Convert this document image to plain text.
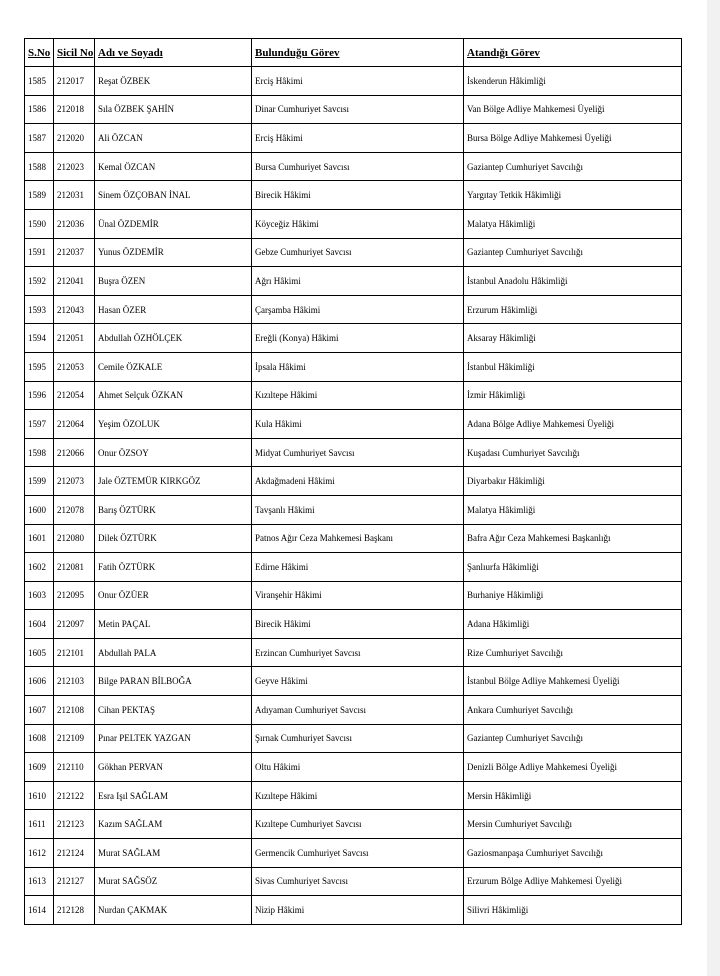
S.No	Sicil No	Adı ve Soyadı	Bulunduğu Görev	Atandığı Görev
1585	212017	Reşat ÖZBEK	Erciş Hâkimi	İskenderun Hâkimliği
1586	212018	Sıla ÖZBEK ŞAHİN	Dinar Cumhuriyet Savcısı	Van Bölge Adliye Mahkemesi Üyeliği
1587	212020	Ali ÖZCAN	Erciş Hâkimi	Bursa Bölge Adliye Mahkemesi Üyeliği
1588	212023	Kemal ÖZCAN	Bursa Cumhuriyet Savcısı	Gaziantep Cumhuriyet Savcılığı
1589	212031	Sinem ÖZÇOBAN İNAL	Birecik Hâkimi	Yargıtay Tetkik Hâkimliği
1590	212036	Ünal ÖZDEMİR	Köyceğiz Hâkimi	Malatya Hâkimliği
1591	212037	Yunus ÖZDEMİR	Gebze Cumhuriyet Savcısı	Gaziantep Cumhuriyet Savcılığı
1592	212041	Buşra ÖZEN	Ağrı Hâkimi	İstanbul Anadolu Hâkimliği
1593	212043	Hasan ÖZER	Çarşamba Hâkimi	Erzurum Hâkimliği
1594	212051	Abdullah ÖZHÖLÇEK	Ereğli (Konya) Hâkimi	Aksaray Hâkimliği
1595	212053	Cemile ÖZKALE	İpsala Hâkimi	İstanbul Hâkimliği
1596	212054	Ahmet Selçuk ÖZKAN	Kızıltepe Hâkimi	İzmir Hâkimliği
1597	212064	Yeşim ÖZOLUK	Kula Hâkimi	Adana Bölge Adliye Mahkemesi Üyeliği
1598	212066	Onur ÖZSOY	Midyat Cumhuriyet Savcısı	Kuşadası Cumhuriyet Savcılığı
1599	212073	Jale ÖZTEMÜR KIRKGÖZ	Akdağmadeni Hâkimi	Diyarbakır Hâkimliği
1600	212078	Barış ÖZTÜRK	Tavşanlı Hâkimi	Malatya Hâkimliği
1601	212080	Dilek ÖZTÜRK	Patnos Ağır Ceza Mahkemesi Başkanı	Bafra Ağır Ceza Mahkemesi Başkanlığı
1602	212081	Fatih ÖZTÜRK	Edirne Hâkimi	Şanlıurfa Hâkimliği
1603	212095	Onur ÖZÜER	Viranşehir Hâkimi	Burhaniye Hâkimliği
1604	212097	Metin PAÇAL	Birecik Hâkimi	Adana Hâkimliği
1605	212101	Abdullah PALA	Erzincan Cumhuriyet Savcısı	Rize Cumhuriyet Savcılığı
1606	212103	Bilge PARAN BİLBOĞA	Geyve Hâkimi	İstanbul Bölge Adliye Mahkemesi Üyeliği
1607	212108	Cihan PEKTAŞ	Adıyaman Cumhuriyet Savcısı	Ankara Cumhuriyet Savcılığı
1608	212109	Pınar PELTEK YAZGAN	Şırnak Cumhuriyet Savcısı	Gaziantep Cumhuriyet Savcılığı
1609	212110	Gökhan PERVAN	Oltu Hâkimi	Denizli Bölge Adliye Mahkemesi Üyeliği
1610	212122	Esra Işıl SAĞLAM	Kızıltepe Hâkimi	Mersin Hâkimliği
1611	212123	Kazım SAĞLAM	Kızıltepe Cumhuriyet Savcısı	Mersin Cumhuriyet Savcılığı
1612	212124	Murat SAĞLAM	Germencik Cumhuriyet Savcısı	Gaziosmanpaşa Cumhuriyet Savcılığı
1613	212127	Murat SAĞSÖZ	Sivas Cumhuriyet Savcısı	Erzurum Bölge Adliye Mahkemesi Üyeliği
1614	212128	Nurdan ÇAKMAK	Nizip Hâkimi	Silivri Hâkimliği
